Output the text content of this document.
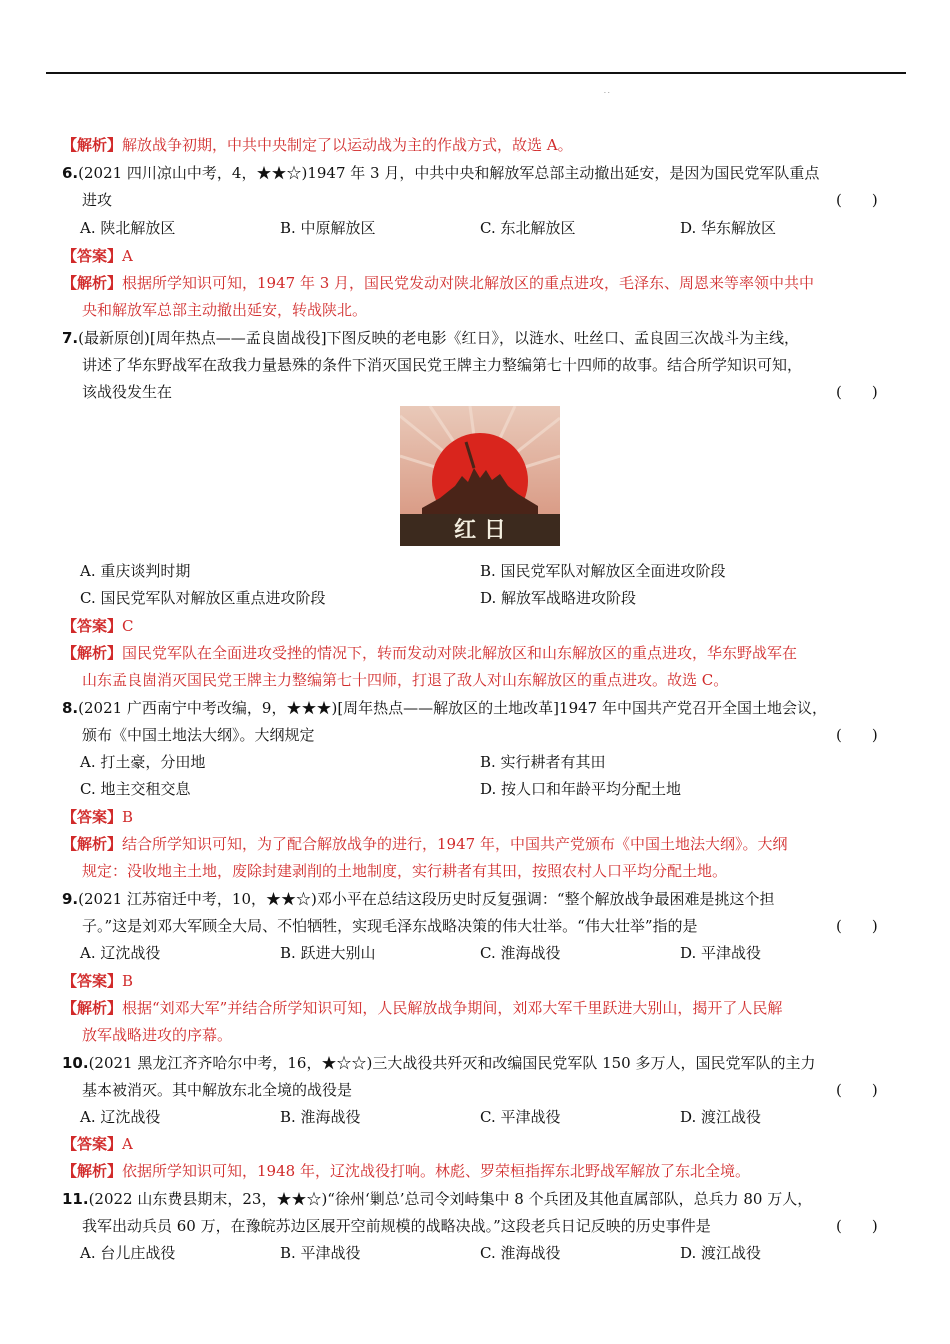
· ·
【解析】解放战争初期，中共中央制定了以运动战为主的作战方式，故选 A。
6.(2021 四川凉山中考，4，★★☆)1947 年 3 月，中共中央和解放军总部主动撤出延安，是因为国民党军队重点
进攻	(　　)
A. 陕北解放区	B. 中原解放区	C. 东北解放区	D. 华东解放区
【答案】A
【解析】根据所学知识可知，1947 年 3 月，国民党发动对陕北解放区的重点进攻，毛泽东、周恩来等率领中共中
央和解放军总部主动撤出延安，转战陕北。
7.(最新原创)[周年热点——孟良崮战役]下图反映的老电影《红日》，以涟水、吐丝口、孟良固三次战斗为主线，
讲述了华东野战军在敌我力量悬殊的条件下消灭国民党王牌主力整编第七十四师的故事。结合所学知识可知，
该战役发生在	(　　)
红 日
A. 重庆谈判时期	B. 国民党军队对解放区全面进攻阶段
C. 国民党军队对解放区重点进攻阶段	D. 解放军战略进攻阶段
【答案】C
【解析】国民党军队在全面进攻受挫的情况下，转而发动对陕北解放区和山东解放区的重点进攻，华东野战军在
山东孟良崮消灭国民党王牌主力整编第七十四师，打退了敌人对山东解放区的重点进攻。故选 C。
8.(2021 广西南宁中考改编，9，★★★)[周年热点——解放区的土地改革]1947 年中国共产党召开全国土地会议，
颁布《中国土地法大纲》。大纲规定	(　　)
A. 打土豪，分田地	B. 实行耕者有其田
C. 地主交租交息	D. 按人口和年龄平均分配土地
【答案】B
【解析】结合所学知识可知，为了配合解放战争的进行，1947 年，中国共产党颁布《中国土地法大纲》。大纲
规定：没收地主土地，废除封建剥削的土地制度，实行耕者有其田，按照农村人口平均分配土地。
9.(2021 江苏宿迁中考，10，★★☆)邓小平在总结这段历史时反复强调：“整个解放战争最困难是挑这个担
子。”这是刘邓大军顾全大局、不怕牺牲，实现毛泽东战略决策的伟大壮举。“伟大壮举”指的是	(　　)
A. 辽沈战役	B. 跃进大别山	C. 淮海战役	D. 平津战役
【答案】B
【解析】根据“刘邓大军”并结合所学知识可知，人民解放战争期间，刘邓大军千里跃进大别山，揭开了人民解
放军战略进攻的序幕。
10.(2021 黑龙江齐齐哈尔中考，16，★☆☆)三大战役共歼灭和改编国民党军队 150 多万人，国民党军队的主力
基本被消灭。其中解放东北全境的战役是	(　　)
A. 辽沈战役	B. 淮海战役	C. 平津战役	D. 渡江战役
【答案】A
【解析】依据所学知识可知，1948 年，辽沈战役打响。林彪、罗荣桓指挥东北野战军解放了东北全境。
11.(2022 山东费县期末，23，★★☆)“徐州‘剿总’总司令刘峙集中 8 个兵团及其他直属部队，总兵力 80 万人，
我军出动兵员 60 万，在豫皖苏边区展开空前规模的战略决战。”这段老兵日记反映的历史事件是	(　　)
A. 台儿庄战役	B. 平津战役	C. 淮海战役	D. 渡江战役
